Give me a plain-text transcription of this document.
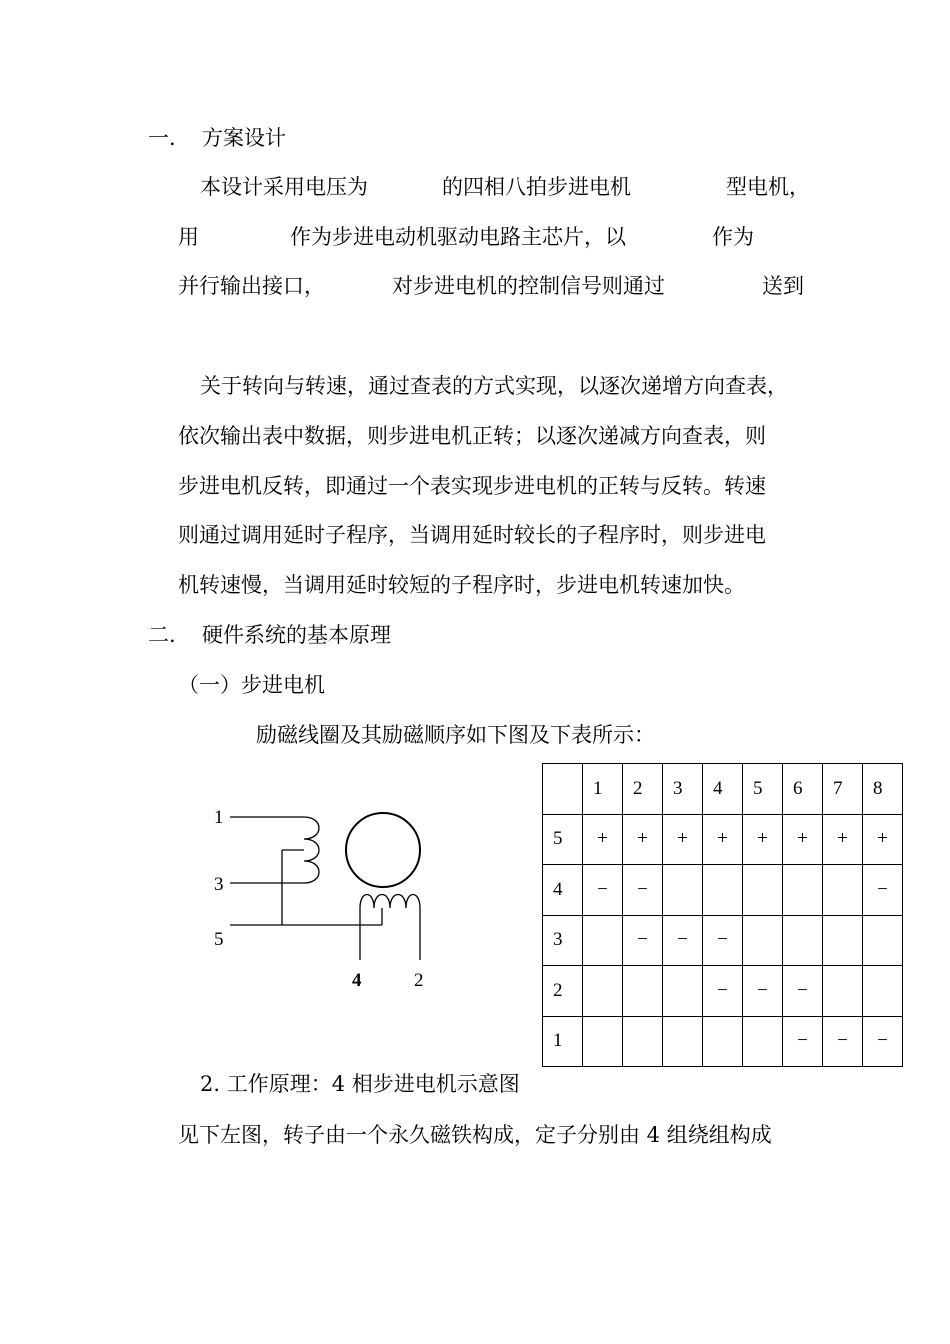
一. 方案设计
本设计采用电压为	的四相八拍步进电机	型电机，
用	作为步进电动机驱动电路主芯片，以	作为
并行输出接口，	对步进电机的控制信号则通过	送到
关于转向与转速，通过查表的方式实现，以逐次递增方向查表，
依次输出表中数据，则步进电机正转；以逐次递减方向查表，则
步进电机反转，即通过一个表实现步进电机的正转与反转。转速
则通过调用延时子程序，当调用延时较长的子程序时，则步进电
机转速慢，当调用延时较短的子程序时，步进电机转速加快。
二. 硬件系统的基本原理
（一）步进电机
励磁线圈及其励磁顺序如下图及下表所示：
1
3
5
4	2
	1	2	3	4	5	6	7	8
5	+	+	+	+	+	+	+	+
4	−	−						−
3		−	−	−				
2				−	−	−		
1						−	−	−
2. 工作原理：4 相步进电机示意图
见下左图，转子由一个永久磁铁构成，定子分别由 4 组绕组构成
